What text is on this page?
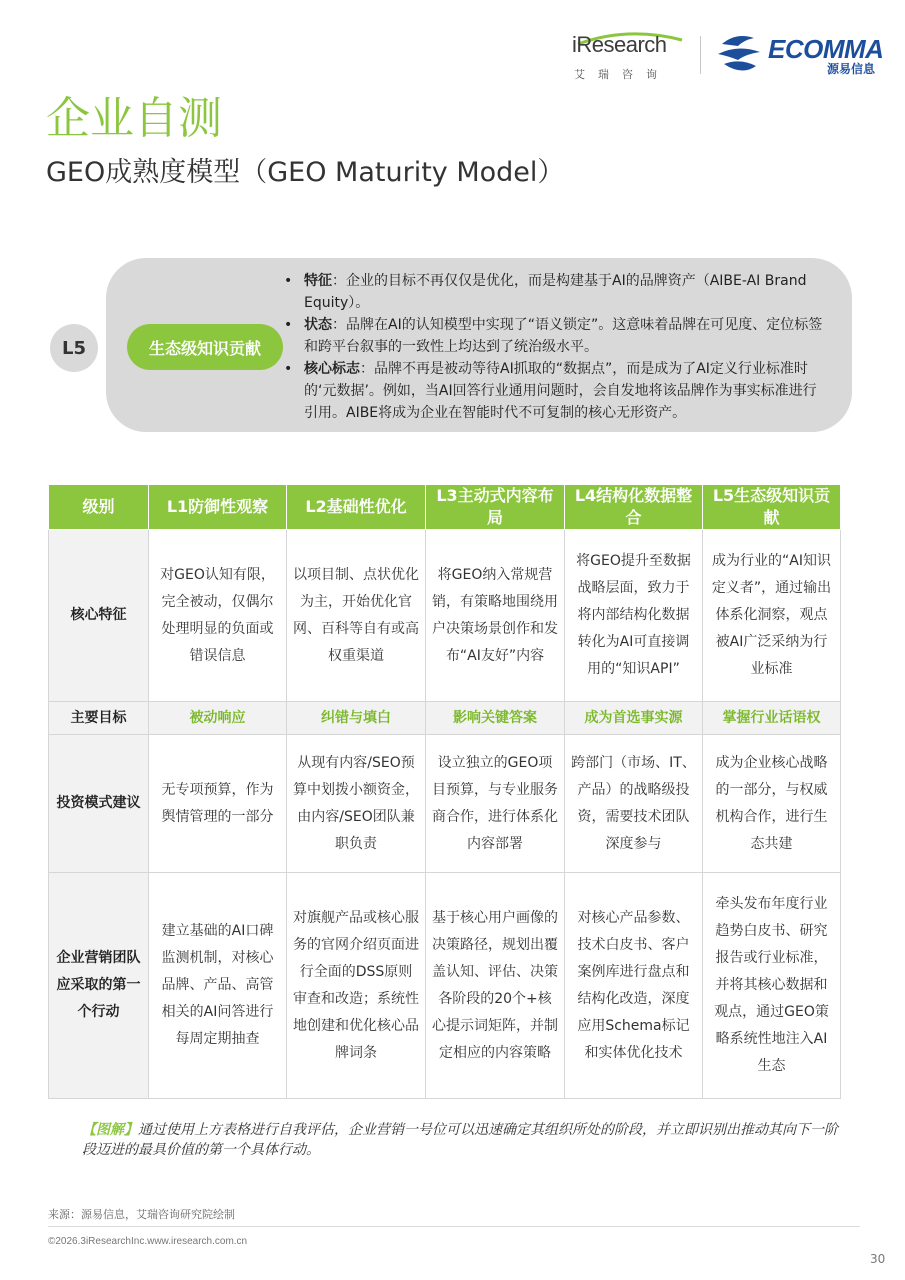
iResearch
艾瑞咨询
ECOMMA
源易信息
企业自测
GEO成熟度模型（GEO Maturity Model）
L5	生态级知识贡献
• 特征：企业的目标不再仅仅是优化，而是构建基于AI的品牌资产（AIBE-AI Brand Equity）。
• 状态：品牌在AI的认知模型中实现了“语义锁定”。这意味着品牌在可见度、定位标签和跨平台叙事的一致性上均达到了统治级水平。
• 核心标志：品牌不再是被动等待AI抓取的“数据点”，而是成为了AI定义行业标准时的‘元数据’。例如，当AI回答行业通用问题时，会自发地将该品牌作为事实标准进行引用。AIBE将成为企业在智能时代不可复制的核心无形资产。
级别	L1防御性观察	L2基础性优化	L3主动式内容布局	L4结构化数据整合	L5生态级知识贡献
核心特征	对GEO认知有限，完全被动，仅偶尔处理明显的负面或错误信息	以项目制、点状优化为主，开始优化官网、百科等自有或高权重渠道	将GEO纳入常规营销，有策略地围绕用户决策场景创作和发布“AI友好”内容	将GEO提升至数据战略层面，致力于将内部结构化数据转化为AI可直接调用的“知识API”	成为行业的“AI知识定义者”，通过输出体系化洞察，观点被AI广泛采纳为行业标准
主要目标	被动响应	纠错与填白	影响关键答案	成为首选事实源	掌握行业话语权
投资模式建议	无专项预算，作为舆情管理的一部分	从现有内容/SEO预算中划拨小额资金，由内容/SEO团队兼职负责	设立独立的GEO项目预算，与专业服务商合作，进行体系化内容部署	跨部门（市场、IT、产品）的战略级投资，需要技术团队深度参与	成为企业核心战略的一部分，与权威机构合作，进行生态共建
企业营销团队应采取的第一个行动	建立基础的AI口碑监测机制，对核心品牌、产品、高管相关的AI问答进行每周定期抽查	对旗舰产品或核心服务的官网介绍页面进行全面的DSS原则审查和改造；系统性地创建和优化核心品牌词条	基于核心用户画像的决策路径，规划出覆盖认知、评估、决策各阶段的20个+核心提示词矩阵，并制定相应的内容策略	对核心产品参数、技术白皮书、客户案例库进行盘点和结构化改造，深度应用Schema标记和实体优化技术	牵头发布年度行业趋势白皮书、研究报告或行业标准，并将其核心数据和观点，通过GEO策略系统性地注入AI生态
【图解】通过使用上方表格进行自我评估，企业营销一号位可以迅速确定其组织所处的阶段，并立即识别出推动其向下一阶段迈进的最具价值的第一个具体行动。
来源：源易信息，艾瑞咨询研究院绘制
©2026.3iResearchInc.www.iresearch.com.cn
30
